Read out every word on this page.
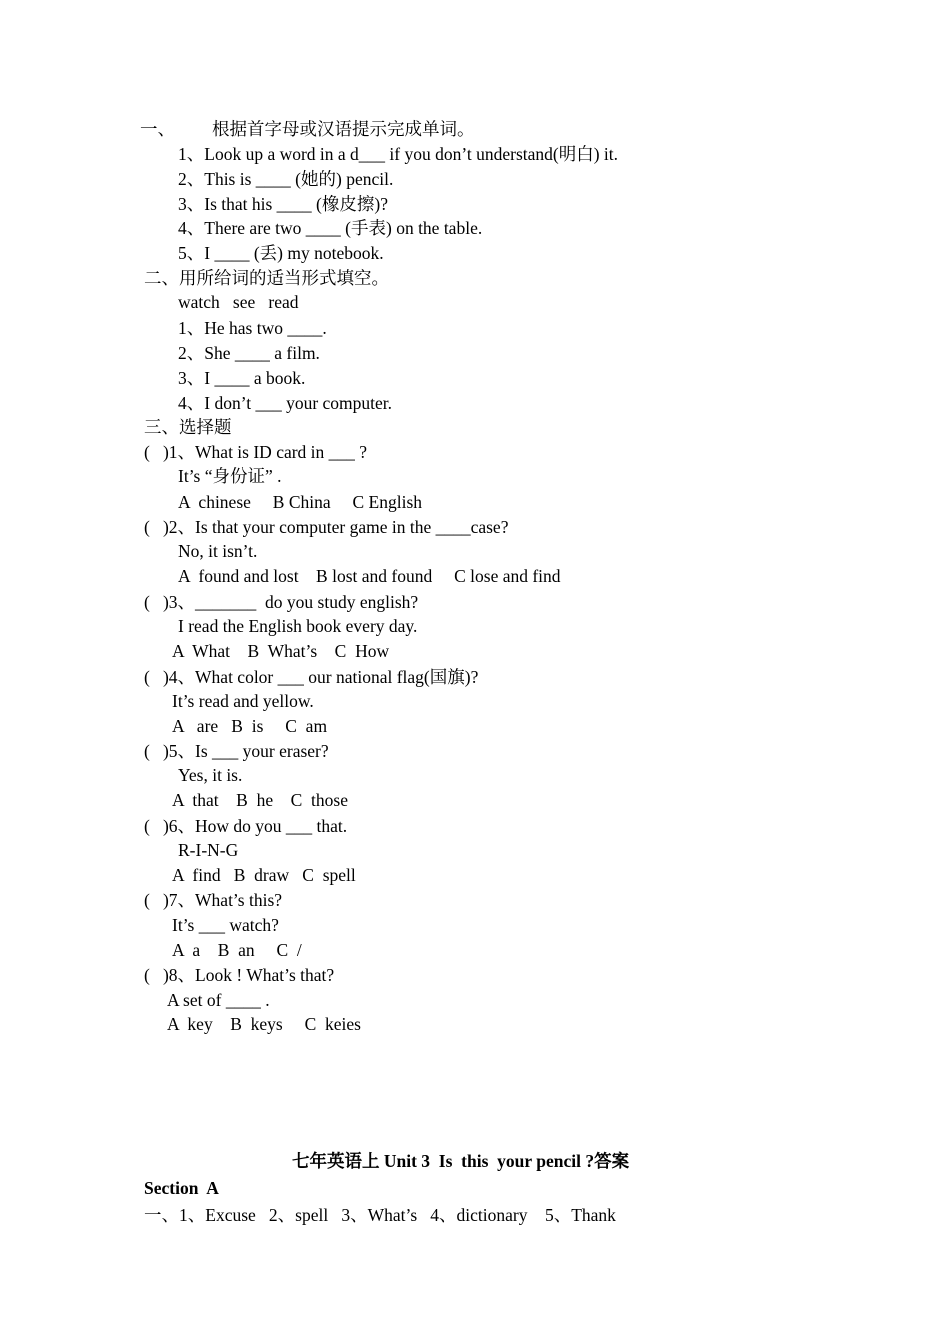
一、 根据首字母或汉语提示完成单词。
1、Look up a word in a d___ if you don’t understand(明白) it.
2、This is ____ (她的) pencil.
3、Is that his ____ (橡皮擦)?
4、There are two ____ (手表) on the table.
5、I ____ (丢) my notebook.
二、用所给词的适当形式填空。
watch   see   read
1、He has two ____.
2、She ____ a film.
3、I ____ a book.
4、I don’t ___ your computer.
三、选择题
(   )1、What is ID card in ___ ?
It’s “身份证” .
A  chinese     B China     C English
(   )2、Is that your computer game in the ____case?
No, it isn’t.
A  found and lost    B lost and found     C lose and find
(   )3、_______  do you study english?
I read the English book every day.
A  What    B  What’s    C  How
(   )4、What color ___ our national flag(国旗)?
It’s read and yellow.
A   are   B  is     C  am
(   )5、Is ___ your eraser?
Yes, it is.
A  that    B  he    C  those
(   )6、How do you ___ that.
R-I-N-G
A  find   B  draw   C  spell
(   )7、What’s this?
It’s ___ watch?
A  a    B  an     C  /
(   )8、Look ! What’s that?
A set of ____ .
A  key    B  keys     C  keies
七年英语上 Unit 3  Is  this  your pencil ?答案
Section  A
一、1、Excuse   2、spell   3、What’s   4、dictionary    5、Thank
